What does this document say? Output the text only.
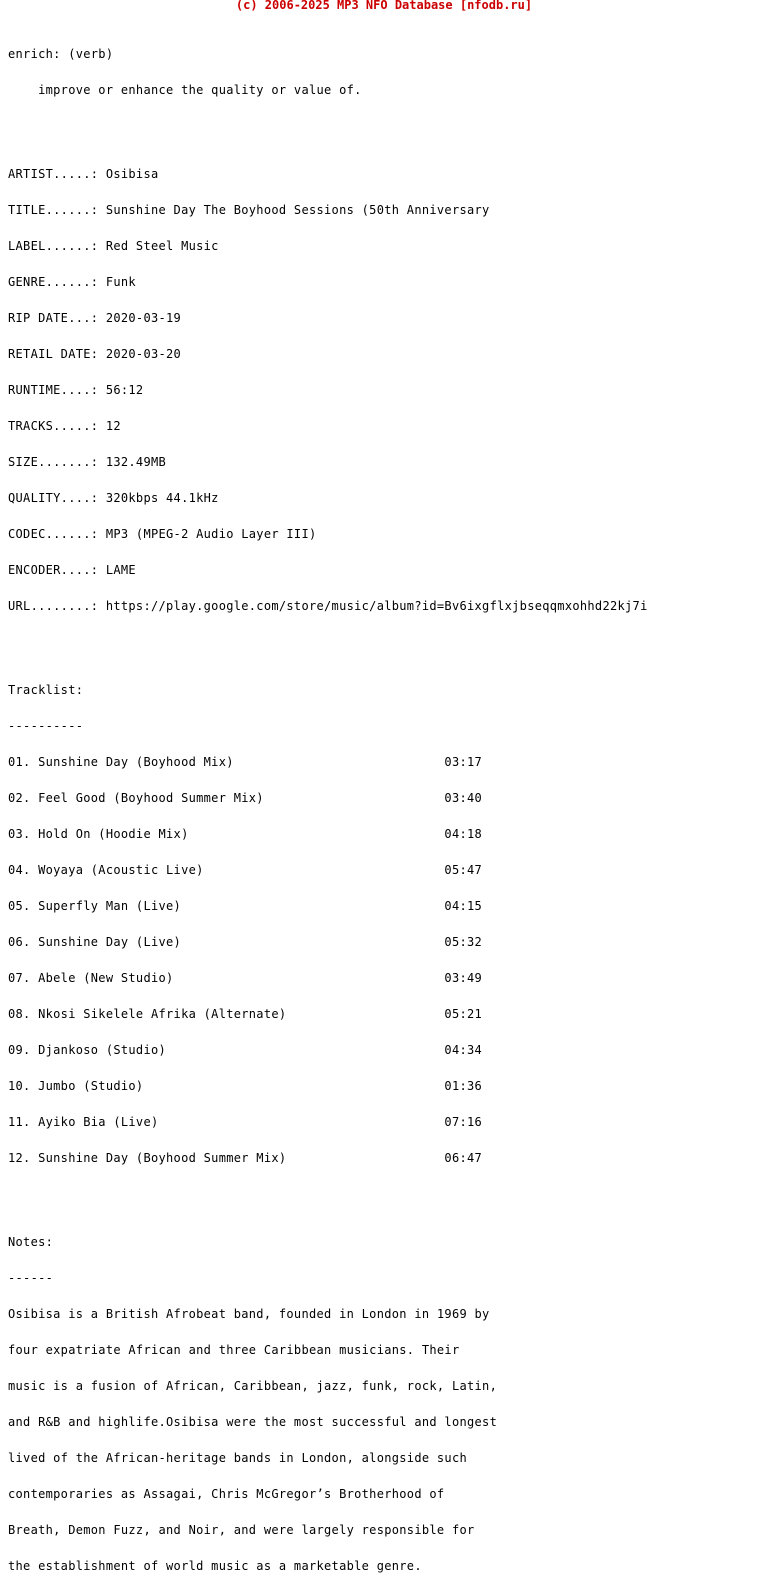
(c) 2006-2025 MP3 NFO Database [nfodb.ru]

enrich: (verb)

improve or enhance the quality or value of.

ARTIST.....: Osibisa

TITLE......: Sunshine Day The Boyhood Sessions (50th Anniversary

LABEL......: Red Steel Music

GENRE......: Funk

RIP DATE...: 2020-03-19

RETAIL DATE: 2020-03-20

RUNTIME....: 56:12

TRACKS.....: 12

SIZE.......: 132.49MB

QUALITY....: 320kbps 44.1kHz

CODEC......: MP3 (MPEG-2 Audio Layer III)

ENCODER....: LAME

URL........: https://play.google.com/store/music/album?id=Bv6ixgflxjbseqqmxohhd22kj7i

Tracklist:

----------

01. Sunshine Day (Boyhood Mix)                            03:17

02. Feel Good (Boyhood Summer Mix)                        03:40

03. Hold On (Hoodie Mix)                                  04:18

04. Woyaya (Acoustic Live)                                05:47

05. Superfly Man (Live)                                   04:15

06. Sunshine Day (Live)                                   05:32

07. Abele (New Studio)                                    03:49

08. Nkosi Sikelele Afrika (Alternate)                     05:21

09. Djankoso (Studio)                                     04:34

10. Jumbo (Studio)                                        01:36

11. Ayiko Bia (Live)                                      07:16

12. Sunshine Day (Boyhood Summer Mix)                     06:47

Notes:

------

Osibisa is a British Afrobeat band, founded in London in 1969 by

four expatriate African and three Caribbean musicians. Their

music is a fusion of African, Caribbean, jazz, funk, rock, Latin,

and R&B and highlife.Osibisa were the most successful and longest

lived of the African-heritage bands in London, alongside such

contemporaries as Assagai, Chris McGregor’s Brotherhood of

Breath, Demon Fuzz, and Noir, and were largely responsible for

the establishment of world music as a marketable genre.
